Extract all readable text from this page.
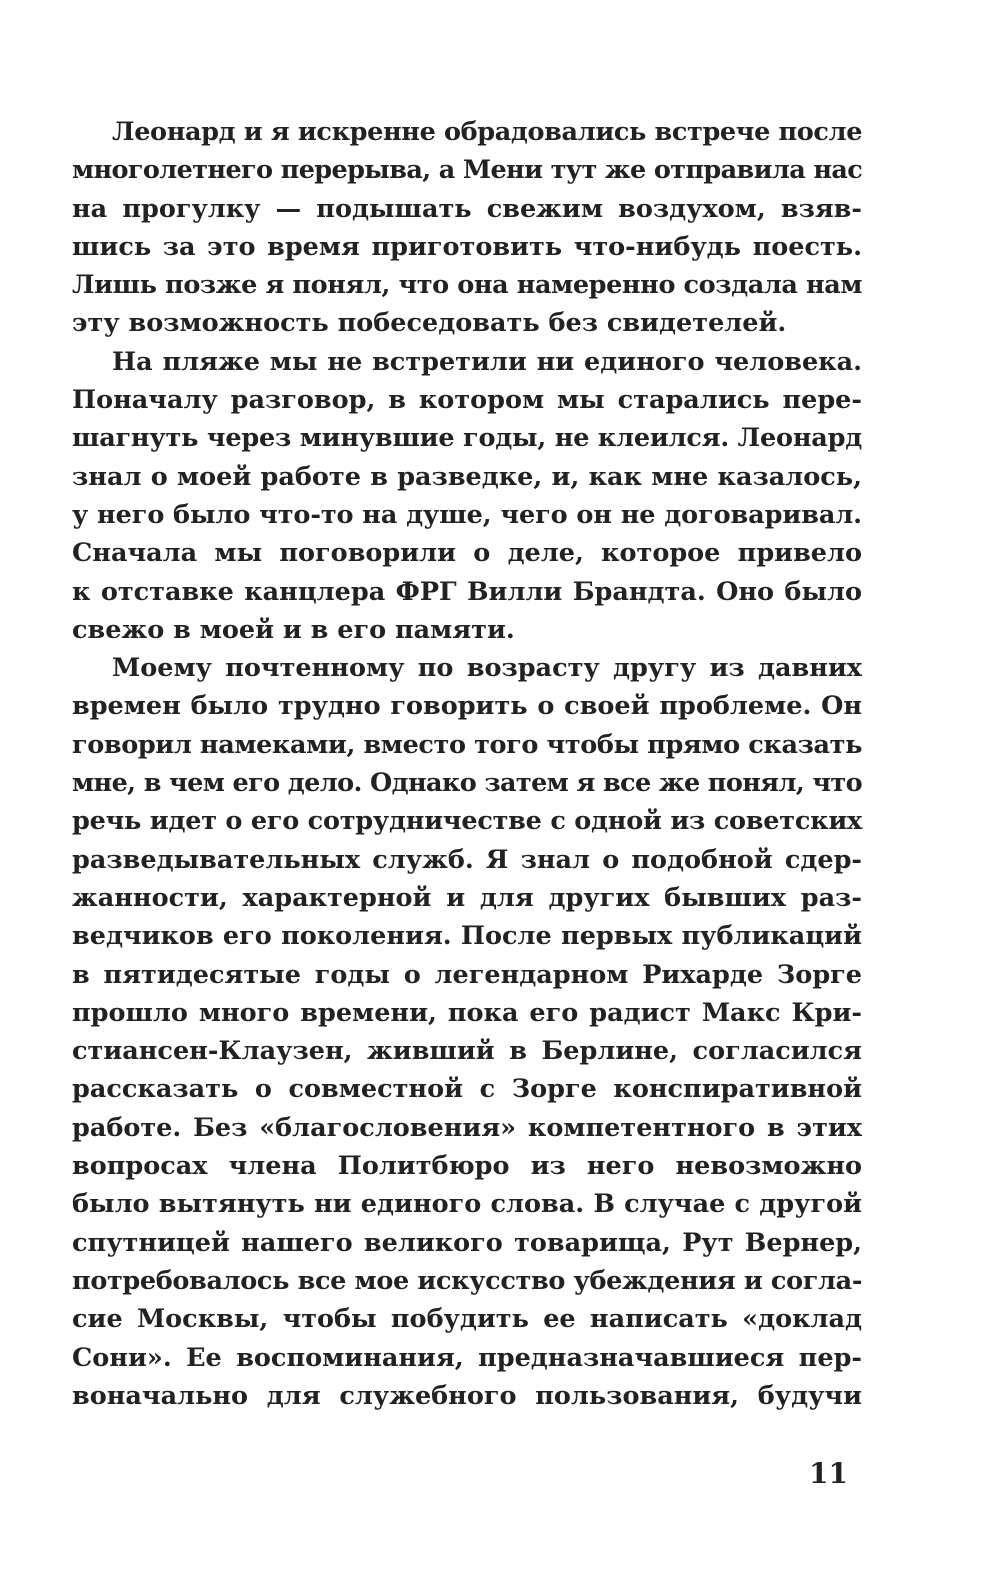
Леонард и я искренне обрадовались встрече после
многолетнего перерыва, а Мени тут же отправила нас
на прогулку — подышать свежим воздухом, взяв-
шись за это время приготовить что-нибудь поесть.
Лишь позже я понял, что она намеренно создала нам
эту возможность побеседовать без свидетелей.
На пляже мы не встретили ни единого человека.
Поначалу разговор, в котором мы старались пере-
шагнуть через минувшие годы, не клеился. Леонард
знал о моей работе в разведке, и, как мне казалось,
у него было что-то на душе, чего он не договаривал.
Сначала мы поговорили о деле, которое привело
к отставке канцлера ФРГ Вилли Брандта. Оно было
свежо в моей и в его памяти.
Моему почтенному по возрасту другу из давних
времен было трудно говорить о своей проблеме. Он
говорил намеками, вместо того чтобы прямо сказать
мне, в чем его дело. Однако затем я все же понял, что
речь идет о его сотрудничестве с одной из советских
разведывательных служб. Я знал о подобной сдер-
жанности, характерной и для других бывших раз-
ведчиков его поколения. После первых публикаций
в пятидесятые годы о легендарном Рихарде Зорге
прошло много времени, пока его радист Макс Кри-
стиансен-Клаузен, живший в Берлине, согласился
рассказать о совместной с Зорге конспиративной
работе. Без «благословения» компетентного в этих
вопросах члена Политбюро из него невозможно
было вытянуть ни единого слова. В случае с другой
спутницей нашего великого товарища, Рут Вернер,
потребовалось все мое искусство убеждения и согла-
сие Москвы, чтобы побудить ее написать «доклад
Сони». Ее воспоминания, предназначавшиеся пер-
воначально для служебного пользования, будучи
11
